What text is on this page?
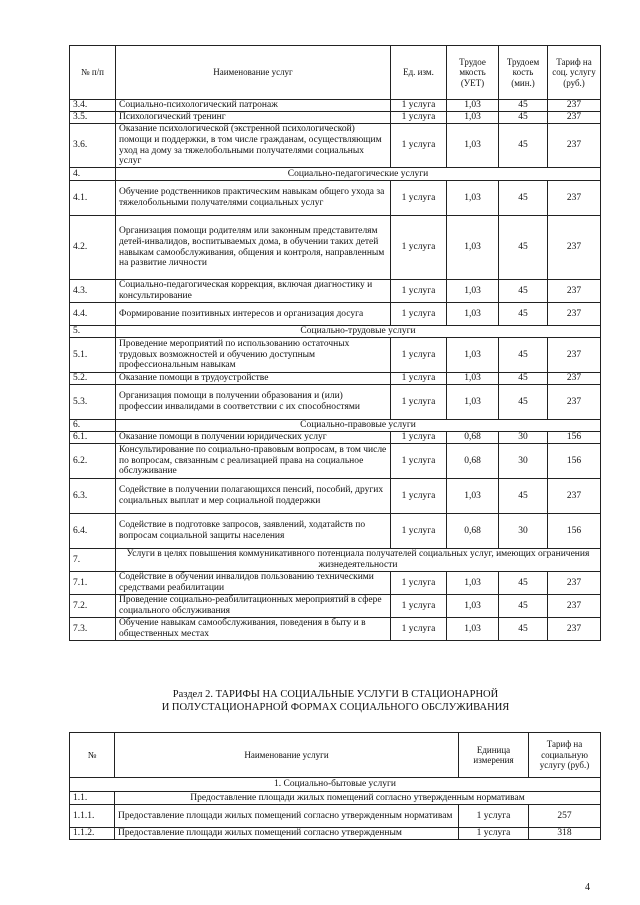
№ п/п	Наименование услуг	Ед. изм.	Трудое мкость (УЕТ)	Трудоем кость (мин.)	Тариф на соц. услугу (руб.)
3.4.	Социально-психологический патронаж	1 услуга	1,03	45	237
3.5.	Психологический тренинг	1 услуга	1,03	45	237
3.6.	Оказание психологической (экстренной психологической) помощи и поддержки, в том числе гражданам, осуществляющим уход на дому за тяжелобольными получателями социальных услуг	1 услуга	1,03	45	237
4.	Социально-педагогические услуги				
4.1.	Обучение родственников практическим навыкам общего ухода за тяжелобольными получателями социальных услуг	1 услуга	1,03	45	237
4.2.	Организация помощи родителям или законным представителям детей-инвалидов, воспитываемых дома, в обучении таких детей навыкам самообслуживания, общения и контроля, направленным на развитие личности	1 услуга	1,03	45	237
4.3.	Социально-педагогическая коррекция, включая диагностику и консультирование	1 услуга	1,03	45	237
4.4.	Формирование позитивных интересов и организация досуга	1 услуга	1,03	45	237
5.	Социально-трудовые услуги				
5.1.	Проведение мероприятий по использованию остаточных трудовых возможностей и обучению доступным профессиональным навыкам	1 услуга	1,03	45	237
5.2.	Оказание помощи в трудоустройстве	1 услуга	1,03	45	237
5.3.	Организация помощи в получении образования и (или) профессии инвалидами в соответствии с их способностями	1 услуга	1,03	45	237
6.	Социально-правовые услуги				
6.1.	Оказание помощи в получении юридических услуг	1 услуга	0,68	30	156
6.2.	Консультирование по социально-правовым вопросам, в том числе по вопросам, связанным с реализацией права на социальное обслуживание	1 услуга	0,68	30	156
6.3.	Содействие в получении полагающихся пенсий, пособий, других социальных выплат и мер социальной поддержки	1 услуга	1,03	45	237
6.4.	Содействие в подготовке запросов, заявлений, ходатайств по вопросам социальной защиты населения	1 услуга	0,68	30	156
7.	Услуги в целях повышения коммуникативного потенциала получателей социальных услуг, имеющих ограничения жизнедеятельности				
7.1.	Содействие в обучении инвалидов пользованию техническими средствами реабилитации	1 услуга	1,03	45	237
7.2.	Проведение социально-реабилитационных мероприятий в сфере социального обслуживания	1 услуга	1,03	45	237
7.3.	Обучение навыкам самообслуживания, поведения в быту и в общественных местах	1 услуга	1,03	45	237
Раздел 2. ТАРИФЫ НА СОЦИАЛЬНЫЕ УСЛУГИ В СТАЦИОНАРНОЙ
И ПОЛУСТАЦИОНАРНОЙ ФОРМАХ СОЦИАЛЬНОГО ОБСЛУЖИВАНИЯ
№	Наименование услуги	Единица измерения	Тариф на социальную услугу (руб.)
1. Социально-бытовые услуги			
1.1.	Предоставление площади жилых помещений согласно утвержденным нормативам		
1.1.1.	Предоставление площади жилых помещений согласно утвержденным нормативам	1 услуга	257
1.1.2.	Предоставление площади жилых помещений согласно утвержденным	1 услуга	318
4
